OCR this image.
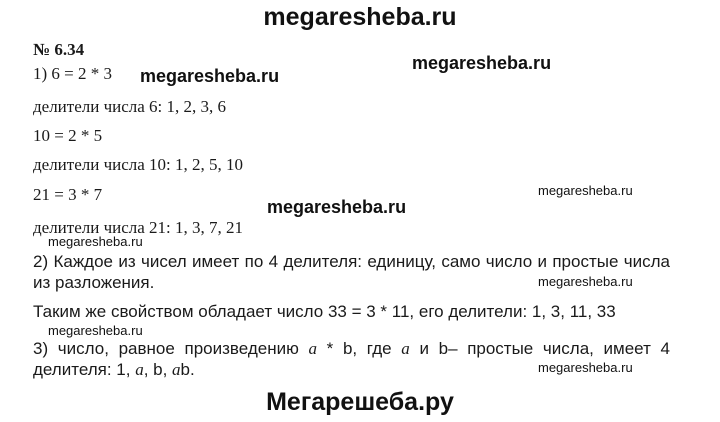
megaresheba.ru
№ 6.34
1) 6 = 2 * 3
делители числа 6: 1, 2, 3, 6
10 = 2 * 5
делители числа 10: 1, 2, 5, 10
21 = 3 * 7
делители числа 21: 1, 3, 7, 21
2) Каждое из чисел имеет по 4 делителя: единицу, само число и простые числа из разложения.
Таким же свойством обладает число 33 = 3 * 11, его делители: 1, 3, 11, 33
3) число, равное произведению a * b, где a и b– простые числа, имеет 4 делителя: 1, a, b, ab.
megaresheba.ru
megaresheba.ru
megaresheba.ru
megaresheba.ru
megaresheba.ru
megaresheba.ru
megaresheba.ru
megaresheba.ru
Мегарешеба.ру
